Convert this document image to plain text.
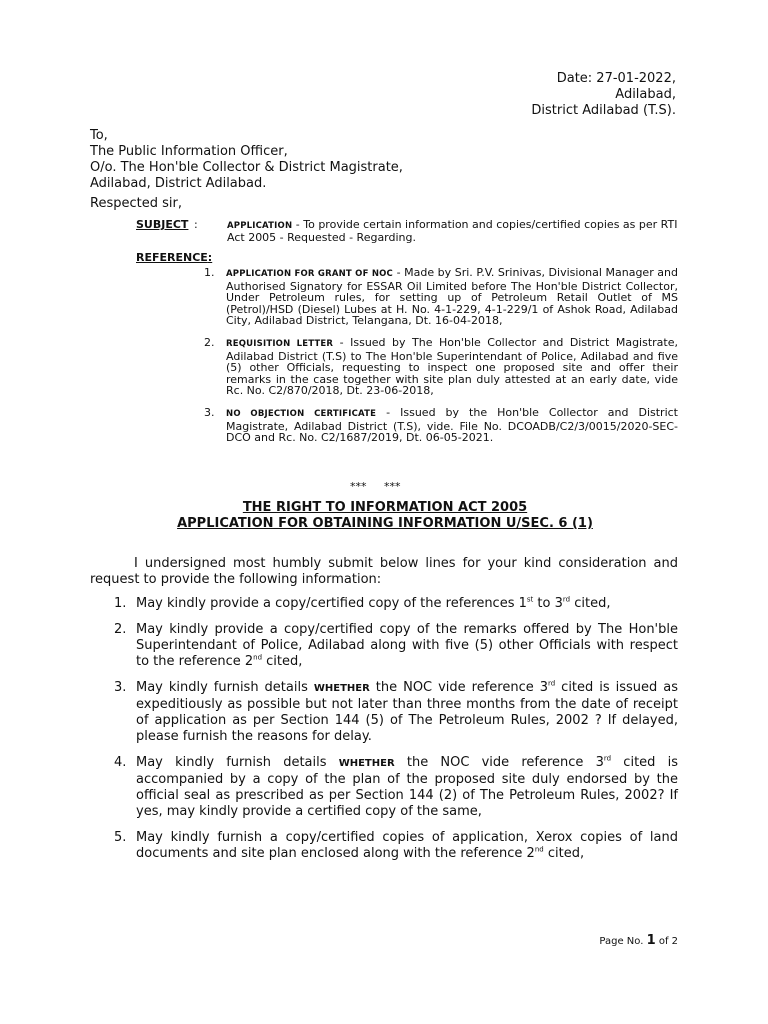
Date: 27-01-2022,
Adilabad,
District Adilabad (T.S).
To,
The Public Information Officer,
O/o. The Hon'ble Collector & District Magistrate,
Adilabad, District Adilabad.
Respected sir,
SUBJECT :	APPLICATION - To provide certain information and copies/certified copies as per RTI Act 2005 - Requested - Regarding.
REFERENCE:
1. APPLICATION FOR GRANT OF NOC - Made by Sri. P.V. Srinivas, Divisional Manager and Authorised Signatory for ESSAR Oil Limited before The Hon'ble District Collector, Under Petroleum rules, for setting up of Petroleum Retail Outlet of MS (Petrol)/HSD (Diesel) Lubes at H. No. 4-1-229, 4-1-229/1 of Ashok Road, Adilabad City, Adilabad District, Telangana, Dt. 16-04-2018,
2. REQUISITION LETTER - Issued by The Hon'ble Collector and District Magistrate, Adilabad District (T.S) to The Hon'ble Superintendant of Police, Adilabad and five (5) other Officials, requesting to inspect one proposed site and offer their remarks in the case together with site plan duly attested at an early date, vide Rc. No. C2/870/2018, Dt. 23-06-2018,
3. NO OBJECTION CERTIFICATE - Issued by the Hon'ble Collector and District Magistrate, Adilabad District (T.S), vide. File No. DCOADB/C2/3/0015/2020-SEC-DCO and Rc. No. C2/1687/2019, Dt. 06-05-2021.
*** ***
THE RIGHT TO INFORMATION ACT 2005
APPLICATION FOR OBTAINING INFORMATION U/SEC. 6 (1)
I undersigned most humbly submit below lines for your kind consideration and request to provide the following information:
1. May kindly provide a copy/certified copy of the references 1st to 3rd cited,
2. May kindly provide a copy/certified copy of the remarks offered by The Hon'ble Superintendant of Police, Adilabad along with five (5) other Officials with respect to the reference 2nd cited,
3. May kindly furnish details WHETHER the NOC vide reference 3rd cited is issued as expeditiously as possible but not later than three months from the date of receipt of application as per Section 144 (5) of The Petroleum Rules, 2002 ? If delayed, please furnish the reasons for delay.
4. May kindly furnish details WHETHER the NOC vide reference 3rd cited is accompanied by a copy of the plan of the proposed site duly endorsed by the official seal as prescribed as per Section 144 (2) of The Petroleum Rules, 2002? If yes, may kindly provide a certified copy of the same,
5. May kindly furnish a copy/certified copies of application, Xerox copies of land documents and site plan enclosed along with the reference 2nd cited,
Page No. 1 of 2
